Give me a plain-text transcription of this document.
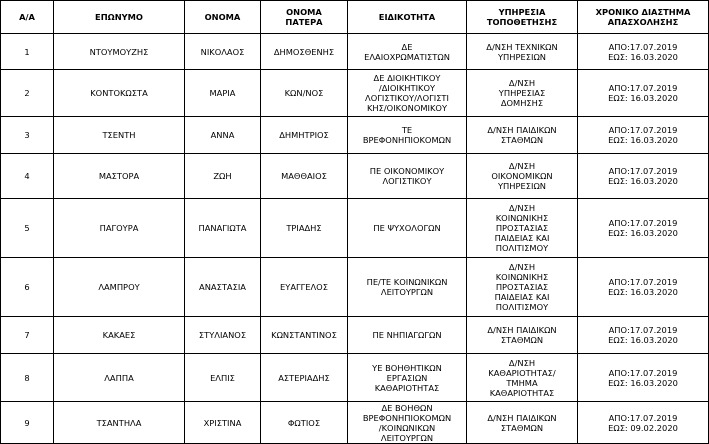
Α/Α	ΕΠΩΝΥΜΟ	ΟΝΟΜΑ	ΟΝΟΜΑ
ΠΑΤΕΡΑ	ΕΙΔΙΚΟΤΗΤΑ	ΥΠΗΡΕΣΙΑ
ΤΟΠΟΘΕΤΗΣΗΣ	ΧΡΟΝΙΚΟ ΔΙΑΣΤΗΜΑ
ΑΠΑΣΧΟΛΗΣΗΣ

1	ΝΤΟΥΜΟΥΖΗΣ	ΝΙΚΟΛΑΟΣ	ΔΗΜΟΣΘΕΝΗΣ	ΔΕ
ΕΛΑΙΟΧΡΩΜΑΤΙΣΤΩΝ	Δ/ΝΣΗ ΤΕΧΝΙΚΩΝ
ΥΠΗΡΕΣΙΩΝ	ΑΠΟ:17.07.2019
ΕΩΣ: 16.03.2020

2	ΚΟΝΤΟΚΩΣΤΑ	ΜΑΡΙΑ	ΚΩΝ/ΝΟΣ	ΔΕ ΔΙΟΙΚΗΤΙΚΟΥ
/ΔΙΟΙΚΗΤΙΚΟΥ
ΛΟΓΙΣΤΙΚΟΥ/ΛΟΓΙΣΤΙ
ΚΗΣ/ΟΙΚΟΝΟΜΙΚΟΥ	Δ/ΝΣΗ
ΥΠΗΡΕΣΙΑΣ
ΔΟΜΗΣΗΣ	ΑΠΟ:17.07.2019
ΕΩΣ: 16.03.2020

3	ΤΣΕΝΤΗ	ΑΝΝΑ	ΔΗΜΗΤΡΙΟΣ	ΤΕ
ΒΡΕΦΟΝΗΠΙΟΚΟΜΩΝ	Δ/ΝΣΗ ΠΑΙΔΙΚΩΝ
ΣΤΑΘΜΩΝ	ΑΠΟ:17.07.2019
ΕΩΣ: 16.03.2020

4	ΜΑΣΤΟΡΑ	ΖΩΗ	ΜΑΘΘΑΙΟΣ	ΠΕ ΟΙΚΟΝΟΜΙΚΟΥ
ΛΟΓΙΣΤΙΚΟΥ	Δ/ΝΣΗ
ΟΙΚΟΝΟΜΙΚΩΝ
ΥΠΗΡΕΣΙΩΝ	ΑΠΟ:17.07.2019
ΕΩΣ: 16.03.2020

5	ΠΑΓΟΥΡΑ	ΠΑΝΑΓΙΩΤΑ	ΤΡΙΑΔΗΣ	ΠΕ ΨΥΧΟΛΟΓΩΝ	Δ/ΝΣΗ
ΚΟΙΝΩΝΙΚΗΣ
ΠΡΟΣΤΑΣΙΑΣ
ΠΑΙΔΕΙΑΣ ΚΑΙ
ΠΟΛΙΤΙΣΜΟΥ	ΑΠΟ:17.07.2019
ΕΩΣ: 16.03.2020

6	ΛΑΜΠΡΟΥ	ΑΝΑΣΤΑΣΙΑ	ΕΥΑΓΓΕΛΟΣ	ΠΕ/ΤΕ ΚΟΙΝΩΝΙΚΩΝ
ΛΕΙΤΟΥΡΓΩΝ	Δ/ΝΣΗ
ΚΟΙΝΩΝΙΚΗΣ
ΠΡΟΣΤΑΣΙΑΣ
ΠΑΙΔΕΙΑΣ ΚΑΙ
ΠΟΛΙΤΙΣΜΟΥ	ΑΠΟ:17.07.2019
ΕΩΣ: 16.03.2020

7	ΚΑΚΑΕΣ	ΣΤΥΛΙΑΝΟΣ	ΚΩΝΣΤΑΝΤΙΝΟΣ	ΠΕ ΝΗΠΙΑΓΩΓΩΝ	Δ/ΝΣΗ ΠΑΙΔΙΚΩΝ
ΣΤΑΘΜΩΝ	ΑΠΟ:17.07.2019
ΕΩΣ: 16.03.2020

8	ΛΑΠΠΑ	ΕΛΠΙΣ	ΑΣΤΕΡΙΑΔΗΣ	ΥΕ ΒΟΗΘΗΤΙΚΩΝ
ΕΡΓΑΣΙΩΝ
ΚΑΘΑΡΙΟΤΗΤΑΣ	Δ/ΝΣΗ
ΚΑΘΑΡΙΟΤΗΤΑΣ/
ΤΜΗΜΑ
ΚΑΘΑΡΙΟΤΗΤΑΣ	ΑΠΟ:17.07.2019
ΕΩΣ: 16.03.2020

9	ΤΣΑΝΤΗΛΑ	ΧΡΙΣΤΙΝΑ	ΦΩΤΙΟΣ	ΔΕ ΒΟΗΘΩΝ
ΒΡΕΦΟΝΗΠΙΟΚΟΜΩΝ
/ΚΟΙΝΩΝΙΚΩΝ
ΛΕΙΤΟΥΡΓΩΝ	Δ/ΝΣΗ ΠΑΙΔΙΚΩΝ
ΣΤΑΘΜΩΝ	ΑΠΟ:17.07.2019
ΕΩΣ: 09.02.2020
